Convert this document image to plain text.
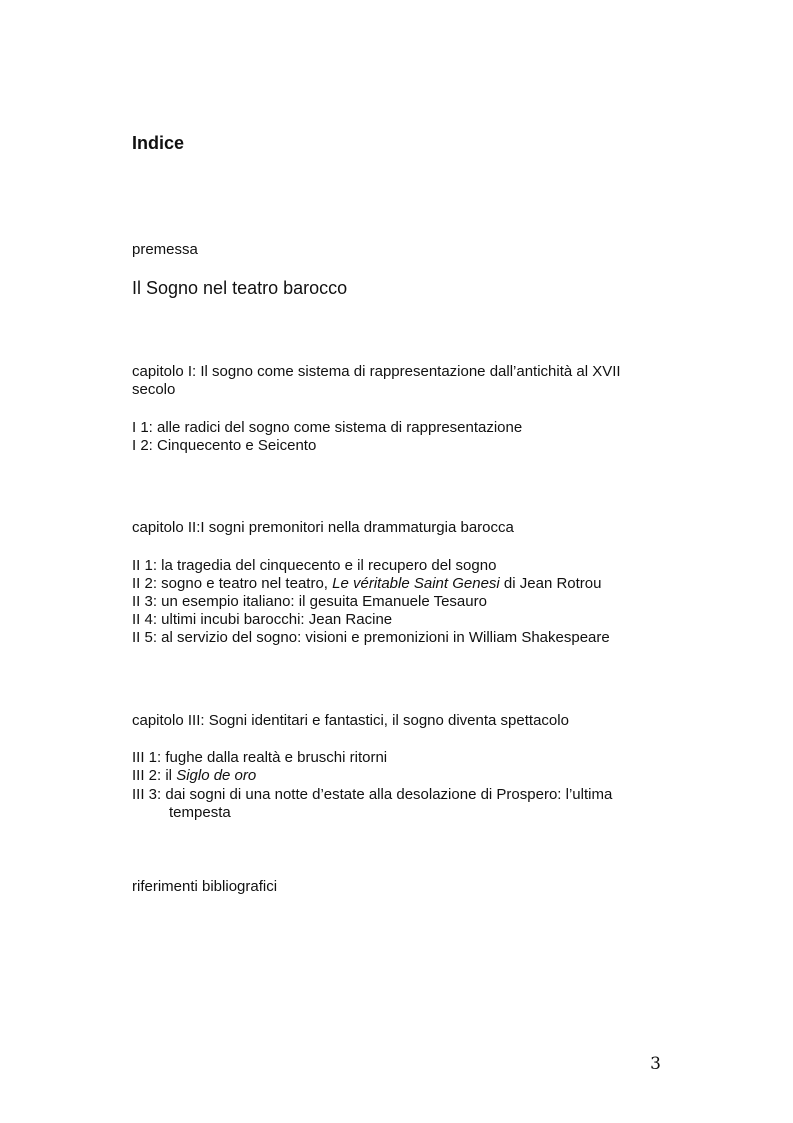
Indice

premessa

Il Sogno nel teatro barocco

capitolo I: Il sogno come sistema di rappresentazione dall’antichità al XVII secolo

I 1: alle radici del sogno come sistema di rappresentazione

I 2: Cinquecento e Seicento

capitolo II:I sogni premonitori nella drammaturgia barocca

II 1: la tragedia del cinquecento e il recupero del sogno

II 2: sogno e teatro nel teatro, Le véritable Saint Genesi di Jean Rotrou

II 3: un esempio italiano: il gesuita Emanuele Tesauro

II 4: ultimi incubi barocchi: Jean Racine

II 5: al servizio del sogno: visioni e premonizioni in William Shakespeare

capitolo III: Sogni identitari e fantastici, il sogno diventa spettacolo

III 1: fughe dalla realtà e bruschi ritorni

III 2: il Siglo de oro

III 3: dai sogni di una notte d’estate alla desolazione di Prospero: l’ultima
tempesta

riferimenti bibliografici

3
